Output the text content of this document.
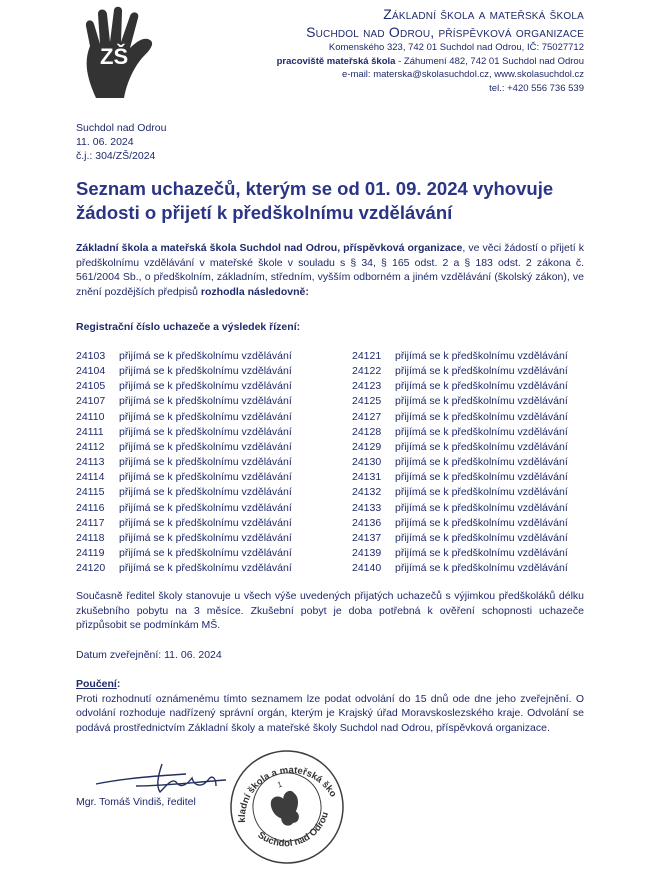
ZŠ
Základní škola a mateřská škola
Suchdol nad Odrou, příspěvková organizace
Komenského 323, 742 01 Suchdol nad Odrou, IČ: 75027712
pracoviště mateřská škola - Záhumení 482, 742 01 Suchdol nad Odrou
e-mail: materska@skolasuchdol.cz, www.skolasuchdol.cz
tel.: +420 556 736 539
Suchdol nad Odrou
11. 06. 2024
č.j.: 304/ZŠ/2024
Seznam uchazečů, kterým se od 01. 09. 2024 vyhovuje
žádosti o přijetí k předškolnímu vzdělávání
Základní škola a mateřská škola Suchdol nad Odrou, příspěvková organizace, ve věci žádostí o přijetí k předškolnímu vzdělávání v mateřské škole v souladu s § 34, § 165 odst. 2 a § 183 odst. 2 zákona č. 561/2004 Sb., o předškolním, základním, středním, vyšším odborném a jiném vzdělávání (školský zákon), ve znění pozdějších předpisů rozhodla následovně:
Registrační číslo uchazeče a výsledek řízení:
24103 přijímá se k předškolnímu vzdělávání
24104 přijímá se k předškolnímu vzdělávání
24105 přijímá se k předškolnímu vzdělávání
24107 přijímá se k předškolnímu vzdělávání
24110 přijímá se k předškolnímu vzdělávání
24111 přijímá se k předškolnímu vzdělávání
24112 přijímá se k předškolnímu vzdělávání
24113 přijímá se k předškolnímu vzdělávání
24114 přijímá se k předškolnímu vzdělávání
24115 přijímá se k předškolnímu vzdělávání
24116 přijímá se k předškolnímu vzdělávání
24117 přijímá se k předškolnímu vzdělávání
24118 přijímá se k předškolnímu vzdělávání
24119 přijímá se k předškolnímu vzdělávání
24120 přijímá se k předškolnímu vzdělávání
24121 přijímá se k předškolnímu vzdělávání
24122 přijímá se k předškolnímu vzdělávání
24123 přijímá se k předškolnímu vzdělávání
24125 přijímá se k předškolnímu vzdělávání
24127 přijímá se k předškolnímu vzdělávání
24128 přijímá se k předškolnímu vzdělávání
24129 přijímá se k předškolnímu vzdělávání
24130 přijímá se k předškolnímu vzdělávání
24131 přijímá se k předškolnímu vzdělávání
24132 přijímá se k předškolnímu vzdělávání
24133 přijímá se k předškolnímu vzdělávání
24136 přijímá se k předškolnímu vzdělávání
24137 přijímá se k předškolnímu vzdělávání
24139 přijímá se k předškolnímu vzdělávání
24140 přijímá se k předškolnímu vzdělávání
Současně ředitel školy stanovuje u všech výše uvedených přijatých uchazečů s výjimkou předškoláků délku zkušebního pobytu na 3 měsíce. Zkušební pobyt je doba potřebná k ověření schopnosti uchazeče přizpůsobit se podmínkám MŠ.
Datum zveřejnění: 11. 06. 2024
Poučení:
Proti rozhodnutí oznámenému tímto seznamem lze podat odvolání do 15 dnů ode dne jeho zveřejnění. O odvolání rozhoduje nadřízený správní orgán, kterým je Krajský úřad Moravskoslezského kraje. Odvolání se podává prostřednictvím Základní školy a mateřské školy Suchdol nad Odrou, příspěvková organizace.
Mgr. Tomáš Vindiš, ředitel
Základní škola a mateřská škola
Suchdol nad Odrou
1
